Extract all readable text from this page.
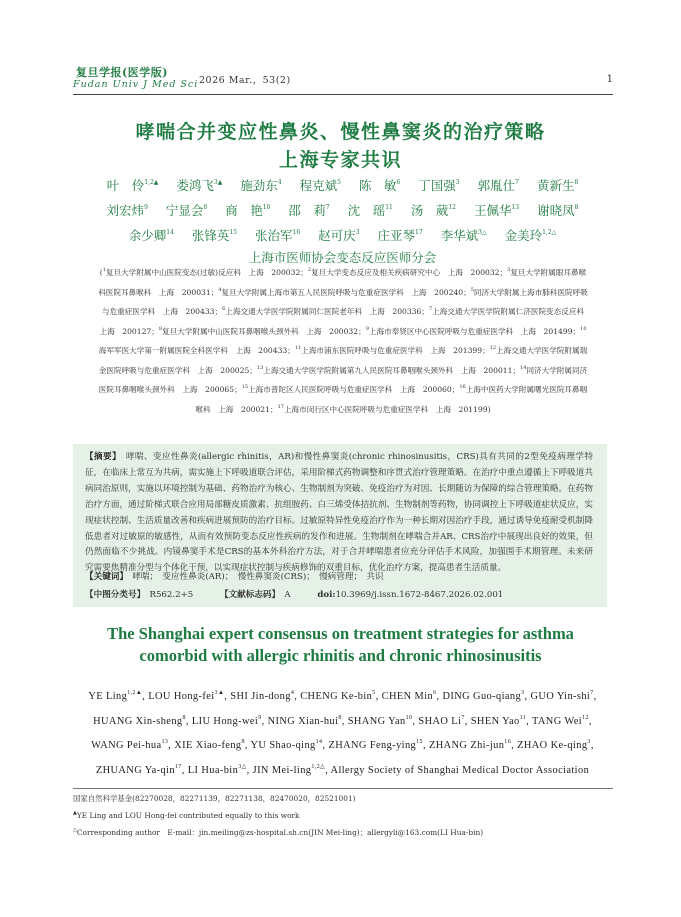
复旦学报(医学版)
Fudan Univ J Med Sci 2026 Mar.，53(2)	1
哮喘合并变应性鼻炎、慢性鼻窦炎的治疗策略
上海专家共识
叶　伶$^{1,2▲}$ 娄鸿飞$^{3▲}$ 施劲东$^4$ 程克斌$^5$ 陈　敏$^6$ 丁国强$^3$ 郭胤仕$^7$ 黄新生$^8$ 刘宏炜$^9$ 宁显会$^8$ 商　艳$^{10}$ 邵　莉$^7$ 沈　瑶$^{11}$ 汤　葳$^{12}$ 王佩华$^{13}$ 谢晓凤$^8$ 余少卿$^{14}$ 张锋英$^{15}$ 张治军$^{16}$ 赵可庆$^3$ 庄亚琴$^{17}$ 李华斌$^{3\triangle}$ 金美玲$^{1,2\triangle}$ 上海市医师协会变态反应医师分会
($^1$复旦大学附属中山医院变态(过敏)反应科　上海　200032；$^2$复旦大学变态反应及相关疾病研究中心　上海　200032；$^3$复旦大学附属眼耳鼻喉科医院耳鼻喉科　上海　200031；$^4$复旦大学附属上海市第五人民医院呼吸与危重症医学科　上海　200240；$^5$同济大学附属上海市肺科医院呼吸与危重症医学科　上海　200433；$^6$上海交通大学医学院附属同仁医院老年科　上海　200336；$^7$上海交通大学医学院附属仁济医院变态反应科　上海　200127；$^8$复旦大学附属中山医院耳鼻咽喉头颈外科　上海　200032；$^9$上海市奉贤区中心医院呼吸与危重症医学科　上海　201499；$^{10}$海军军医大学第一附属医院全科医学科　上海　200433；$^{11}$上海市浦东医院呼吸与危重症医学科　上海　201399；$^{12}$上海交通大学医学院附属瑞金医院呼吸与危重症医学科　上海　200025；$^{13}$上海交通大学医学院附属第九人民医院耳鼻咽喉头颈外科　上海　200011；$^{14}$同济大学附属同济医院耳鼻咽喉头颈外科　上海　200065；$^{15}$上海市普陀区人民医院呼吸与危重症医学科　上海　200060；$^{16}$上海中医药大学附属曙光医院耳鼻咽喉科　上海　200021；$^{17}$上海市闵行区中心医院呼吸与危重症医学科　上海　201199)
【摘要】　 哮喘、变应性鼻炎(allergic rhinitis，AR)和慢性鼻窦炎(chronic rhinosinusitis，CRS)具有共同的2型免疫病理学特征，在临床上常互为共病，需实施上下呼吸道联合评估，采用阶梯式药物调整和序贯式治疗管理策略。在治疗中重点遵循上下呼吸道共病同治原则，实施以环境控制为基础、药物治疗为核心、生物制剂为突破、免疫治疗为对因、长期随访为保障的综合管理策略。在药物治疗方面，通过阶梯式联合应用局部糖皮质激素、抗组胺药、白三烯受体拮抗剂、生物制剂等药物，协同调控上下呼吸道症状反应，实现症状控制、生活质量改善和疾病进展预防的治疗目标。过敏原特异性免疫治疗作为一种长期对因治疗手段，通过诱导免疫耐受机制降低患者对过敏原的敏感性，从而有效预防变态反应性疾病的发作和进展。生物制剂在哮喘合并AR、CRS治疗中展现出良好的效果，但仍然面临不少挑战。内镜鼻窦手术是CRS的基本外科治疗方法，对于合并哮喘患者应充分评估手术风险，加强围手术期管理。未来研究需要焦精准分型与个体化干预，以实现症状控制与疾病修饰的双重目标，优化治疗方案，提高患者生活质量。
【关键词】　 哮喘；　变应性鼻炎(AR)；　慢性鼻窦炎(CRS)；　慢病管理；　共识
【中图分类号】　 R562.2+5	【文献标志码】　 A	doi:10.3969/j.issn.1672-8467.2026.02.001
The Shanghai expert consensus on treatment strategies for asthma
comorbid with allergic rhinitis and chronic rhinosinusitis
YE Ling$^{1,2▲}$, LOU Hong-fei$^{3▲}$, SHI Jin-dong$^4$, CHENG Ke-bin$^5$, CHEN Min$^6$, DING Guo-qiang$^3$, GUO Yin-shi$^7$, HUANG Xin-sheng$^8$, LIU Hong-wei$^9$, NING Xian-hui$^8$, SHANG Yan$^{10}$, SHAO Li$^7$, SHEN Yao$^{11}$, TANG Wei$^{12}$, WANG Pei-hua$^{13}$, XIE Xiao-feng$^8$, YU Shao-qing$^{14}$, ZHANG Feng-ying$^{15}$, ZHANG Zhi-jun$^{16}$, ZHAO Ke-qing$^3$, ZHUANG Ya-qin$^{17}$, LI Hua-bin$^{3\triangle}$, JIN Mei-ling$^{1,2\triangle}$, Allergy Society of Shanghai Medical Doctor Association
国家自然科学基金(82270028，82271139，82271138，82470020，82521001)
▲YE Ling and LOU Hong-fei contributed equally to this work
△Corresponding author　E-mail：jin.meiling@zs-hospital.sh.cn(JIN Mei-ling)；allergyli@163.com(LI Hua-bin)
